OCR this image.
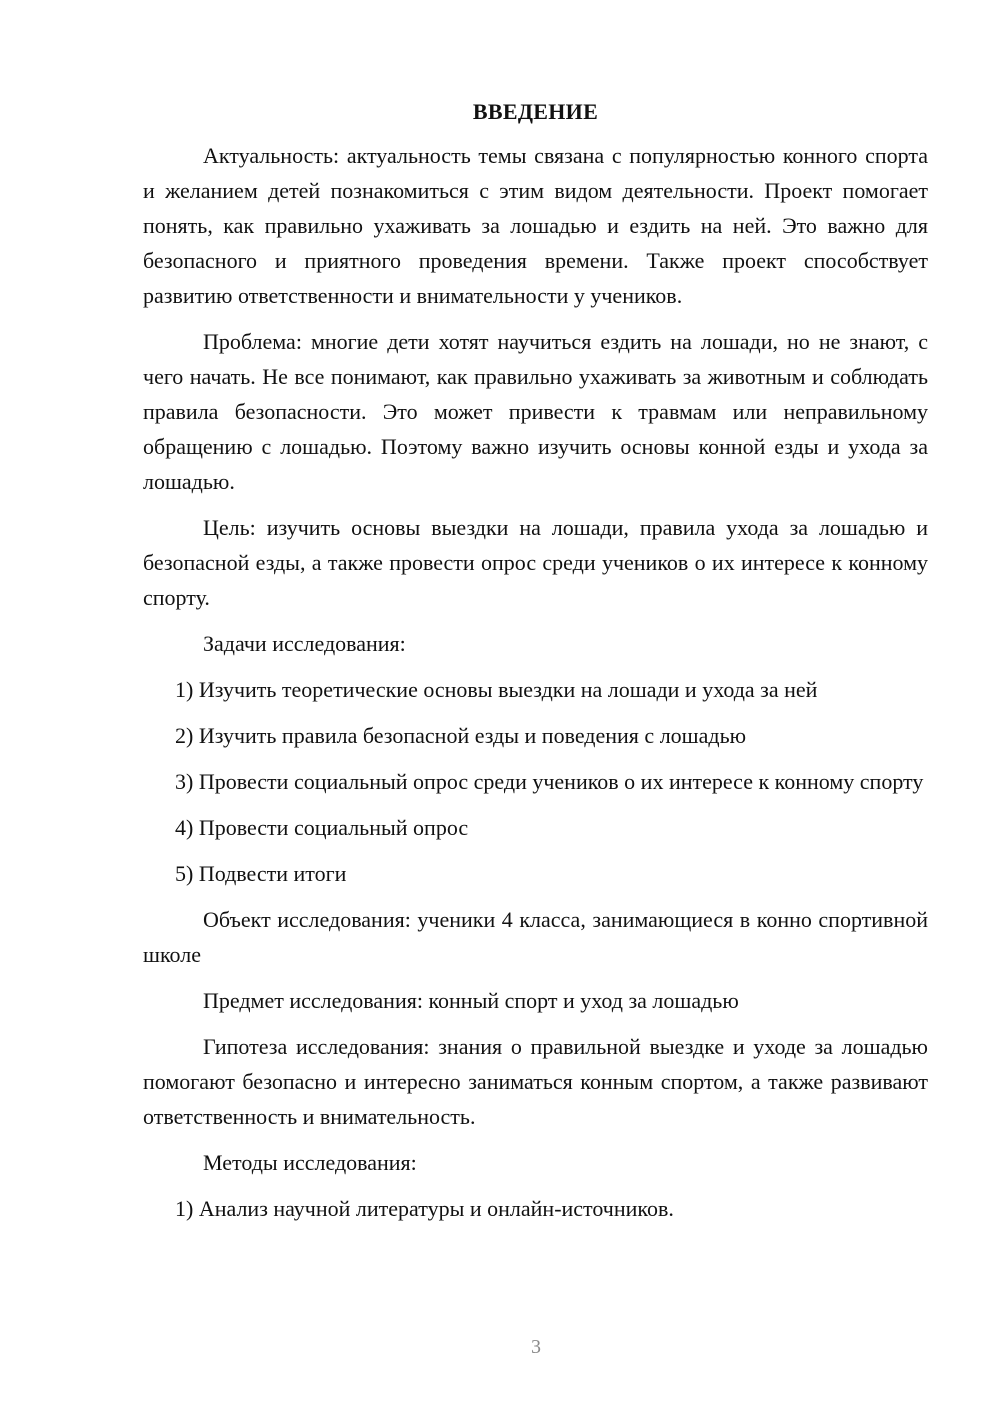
ВВЕДЕНИЕ

Актуальность: актуальность темы связана с популярностью конного спорта и желанием детей познакомиться с этим видом деятельности. Проект помогает понять, как правильно ухаживать за лошадью и ездить на ней. Это важно для безопасного и приятного проведения времени. Также проект способствует развитию ответственности и внимательности у учеников.

Проблема: многие дети хотят научиться ездить на лошади, но не знают, с чего начать. Не все понимают, как правильно ухаживать за животным и соблюдать правила безопасности. Это может привести к травмам или неправильному обращению с лошадью. Поэтому важно изучить основы конной езды и ухода за лошадью.

Цель: изучить основы выездки на лошади, правила ухода за лошадью и безопасной езды, а также провести опрос среди учеников о их интересе к конному спорту.

Задачи исследования:

1) Изучить теоретические основы выездки на лошади и ухода за ней

2) Изучить правила безопасной езды и поведения с лошадью

3) Провести социальный опрос среди учеников о их интересе к конному спорту

4) Провести социальный опрос

5) Подвести итоги

Объект исследования: ученики 4 класса, занимающиеся в конно спортивной школе

Предмет исследования: конный спорт и уход за лошадью

Гипотеза исследования: знания о правильной выездке и уходе за лошадью помогают безопасно и интересно заниматься конным спортом, а также развивают ответственность и внимательность.

Методы исследования:

1) Анализ научной литературы и онлайн-источников.

3
